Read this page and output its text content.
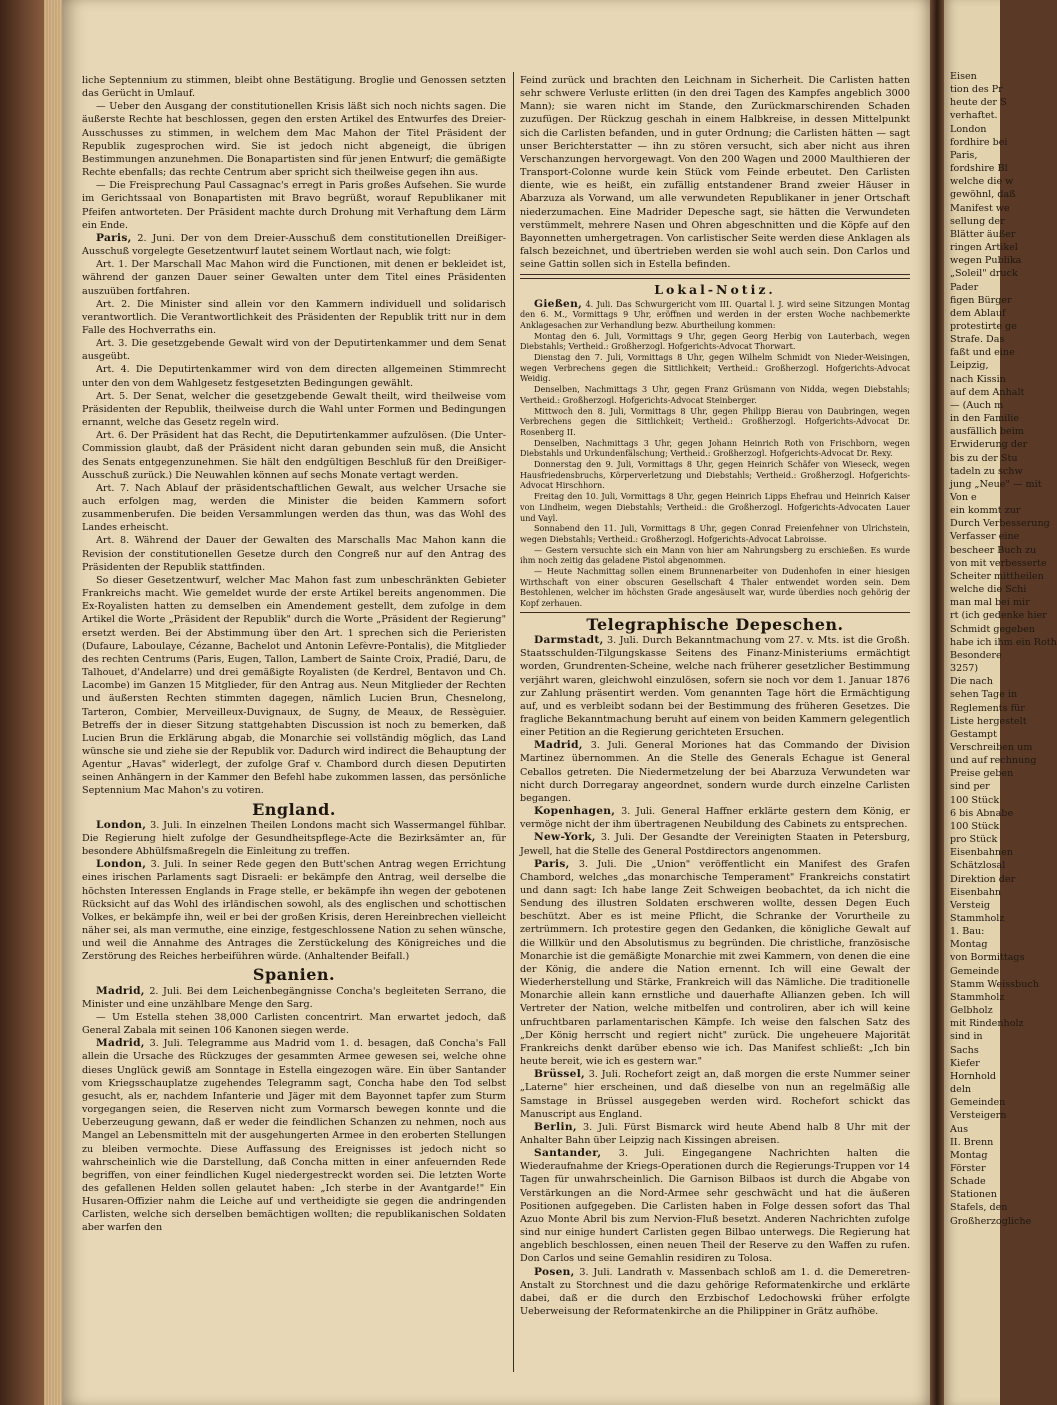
liche Septennium zu stimmen, bleibt ohne Bestätigung. Broglie und Genossen setzten das Gerücht in Umlauf.

— Ueber den Ausgang der constitutionellen Krisis läßt sich noch nichts sagen. Die äußerste Rechte hat beschlossen, gegen den ersten Artikel des Entwurfes des Dreier-Ausschusses zu stimmen, in welchem dem Mac Mahon der Titel Präsident der Republik zugesprochen wird. Sie ist jedoch nicht abgeneigt, die übrigen Bestimmungen anzunehmen. Die Bonapartisten sind für jenen Entwurf; die gemäßigte Rechte ebenfalls; das rechte Centrum aber spricht sich theilweise gegen ihn aus.

— Die Freisprechung Paul Cassagnac's erregt in Paris großes Aufsehen. Sie wurde im Gerichtssaal von Bonapartisten mit Bravo begrüßt, worauf Republikaner mit Pfeifen antworteten. Der Präsident machte durch Drohung mit Verhaftung dem Lärm ein Ende.

Paris, 2. Juni. Der von dem Dreier-Ausschuß dem constitutionellen Dreißiger-Ausschuß vorgelegte Gesetzentwurf lautet seinem Wortlaut nach, wie folgt:

Art. 1. Der Marschall Mac Mahon wird die Functionen, mit denen er bekleidet ist, während der ganzen Dauer seiner Gewalten unter dem Titel eines Präsidenten auszuüben fortfahren.

Art. 2. Die Minister sind allein vor den Kammern individuell und solidarisch verantwortlich. Die Verantwortlichkeit des Präsidenten der Republik tritt nur in dem Falle des Hochverraths ein.

Art. 3. Die gesetzgebende Gewalt wird von der Deputirtenkammer und dem Senat ausgeübt.

Art. 4. Die Deputirtenkammer wird von dem directen allgemeinen Stimmrecht unter den von dem Wahlgesetz festgesetzten Bedingungen gewählt.

Art. 5. Der Senat, welcher die gesetzgebende Gewalt theilt, wird theilweise vom Präsidenten der Republik, theilweise durch die Wahl unter Formen und Bedingungen ernannt, welche das Gesetz regeln wird.

Art. 6. Der Präsident hat das Recht, die Deputirtenkammer aufzulösen. (Die Unter-Commission glaubt, daß der Präsident nicht daran gebunden sein muß, die Ansicht des Senats entgegenzunehmen. Sie hält den endgültigen Beschluß für den Dreißiger-Ausschuß zurück.) Die Neuwahlen können auf sechs Monate vertagt werden.

Art. 7. Nach Ablauf der präsidentschaftlichen Gewalt, aus welcher Ursache sie auch erfolgen mag, werden die Minister die beiden Kammern sofort zusammenberufen. Die beiden Versammlungen werden das thun, was das Wohl des Landes erheischt.

Art. 8. Während der Dauer der Gewalten des Marschalls Mac Mahon kann die Revision der constitutionellen Gesetze durch den Congreß nur auf den Antrag des Präsidenten der Republik stattfinden.

So dieser Gesetzentwurf, welcher Mac Mahon fast zum unbeschränkten Gebieter Frankreichs macht. Wie gemeldet wurde der erste Artikel bereits angenommen. Die Ex-Royalisten hatten zu demselben ein Amendement gestellt, dem zufolge in dem Artikel die Worte „Präsident der Republik" durch die Worte „Präsident der Regierung" ersetzt werden. Bei der Abstimmung über den Art. 1 sprechen sich die Perieristen (Dufaure, Laboulaye, Cézanne, Bachelot und Antonin Lefèvre-Pontalis), die Mitglieder des rechten Centrums (Paris, Eugen, Tallon, Lambert de Sainte Croix, Pradié, Daru, de Talhouet, d'Andelarre) und drei gemäßigte Royalisten (de Kerdrel, Bentavon und Ch. Lacombe) im Ganzen 15 Mitglieder, für den Antrag aus. Neun Mitglieder der Rechten und äußersten Rechten stimmten dagegen, nämlich Lucien Brun, Chesnelong, Tarteron, Combier, Merveilleux-Duvignaux, de Sugny, de Meaux, de Ressèguier. Betreffs der in dieser Sitzung stattgehabten Discussion ist noch zu bemerken, daß Lucien Brun die Erklärung abgab, die Monarchie sei vollständig möglich, das Land wünsche sie und ziehe sie der Republik vor. Dadurch wird indirect die Behauptung der Agentur „Havas" widerlegt, der zufolge Graf v. Chambord durch diesen Deputirten seinen Anhängern in der Kammer den Befehl habe zukommen lassen, das persönliche Septennium Mac Mahon's zu votiren.

England.

London, 3. Juli. In einzelnen Theilen Londons macht sich Wassermangel fühlbar. Die Regierung hielt zufolge der Gesundheitspflege-Acte die Bezirksämter an, für besondere Abhülfsmaßregeln die Einleitung zu treffen.

London, 3. Juli. In seiner Rede gegen den Butt'schen Antrag wegen Errichtung eines irischen Parlaments sagt Disraeli: er bekämpfe den Antrag, weil derselbe die höchsten Interessen Englands in Frage stelle, er bekämpfe ihn wegen der gebotenen Rücksicht auf das Wohl des irländischen sowohl, als des englischen und schottischen Volkes, er bekämpfe ihn, weil er bei der großen Krisis, deren Hereinbrechen vielleicht näher sei, als man vermuthe, eine einzige, festgeschlossene Nation zu sehen wünsche, und weil die Annahme des Antrages die Zerstückelung des Königreiches und die Zerstörung des Reiches herbeiführen würde. (Anhaltender Beifall.)

Spanien.

Madrid, 2. Juli. Bei dem Leichenbegängnisse Concha's begleiteten Serrano, die Minister und eine unzählbare Menge den Sarg.

— Um Estella stehen 38,000 Carlisten concentrirt. Man erwartet jedoch, daß General Zabala mit seinen 106 Kanonen siegen werde.

Madrid, 3. Juli. Telegramme aus Madrid vom 1. d. besagen, daß Concha's Fall allein die Ursache des Rückzuges der gesammten Armee gewesen sei, welche ohne dieses Unglück gewiß am Sonntage in Estella eingezogen wäre. Ein über Santander vom Kriegsschauplatze zugehendes Telegramm sagt, Concha habe den Tod selbst gesucht, als er, nachdem Infanterie und Jäger mit dem Bayonnet tapfer zum Sturm vorgegangen seien, die Reserven nicht zum Vormarsch bewegen konnte und die Ueberzeugung gewann, daß er weder die feindlichen Schanzen zu nehmen, noch aus Mangel an Lebensmitteln mit der ausgehungerten Armee in den eroberten Stellungen zu bleiben vermochte. Diese Auffassung des Ereignisses ist jedoch nicht so wahrscheinlich wie die Darstellung, daß Concha mitten in einer anfeuernden Rede begriffen, von einer feindlichen Kugel niedergestreckt worden sei. Die letzten Worte des gefallenen Helden sollen gelautet haben: „Ich sterbe in der Avantgarde!" Ein Husaren-Offizier nahm die Leiche auf und vertheidigte sie gegen die andringenden Carlisten, welche sich derselben bemächtigen wollten; die republikanischen Soldaten aber warfen den

Feind zurück und brachten den Leichnam in Sicherheit. Die Carlisten hatten sehr schwere Verluste erlitten (in den drei Tagen des Kampfes angeblich 3000 Mann); sie waren nicht im Stande, den Zurückmarschirenden Schaden zuzufügen. Der Rückzug geschah in einem Halbkreise, in dessen Mittelpunkt sich die Carlisten befanden, und in guter Ordnung; die Carlisten hätten — sagt unser Berichterstatter — ihn zu stören versucht, sich aber nicht aus ihren Verschanzungen hervorgewagt. Von den 200 Wagen und 2000 Maulthieren der Transport-Colonne wurde kein Stück vom Feinde erbeutet. Den Carlisten diente, wie es heißt, ein zufällig entstandener Brand zweier Häuser in Abarzuza als Vorwand, um alle verwundeten Republikaner in jener Ortschaft niederzumachen. Eine Madrider Depesche sagt, sie hätten die Verwundeten verstümmelt, mehrere Nasen und Ohren abgeschnitten und die Köpfe auf den Bayonnetten umhergetragen. Von carlistischer Seite werden diese Anklagen als falsch bezeichnet, und übertrieben werden sie wohl auch sein. Don Carlos und seine Gattin sollen sich in Estella befinden.

Lokal-Notiz.

Gießen, 4. Juli. Das Schwurgericht vom III. Quartal l. J. wird seine Sitzungen Montag den 6. M., Vormittags 9 Uhr, eröffnen und werden in der ersten Woche nachbemerkte Anklagesachen zur Verhandlung bezw. Aburtheilung kommen:

Montag den 6. Juli, Vormittags 9 Uhr, gegen Georg Herbig von Lauterbach, wegen Diebstahls; Vertheid.: Großherzogl. Hofgerichts-Advocat Thorwart.

Dienstag den 7. Juli, Vormittags 8 Uhr, gegen Wilhelm Schmidt von Nieder-Weisingen, wegen Verbrechens gegen die Sittlichkeit; Vertheid.: Großherzogl. Hofgerichts-Advocat Weidig.

Denselben, Nachmittags 3 Uhr, gegen Franz Grüsmann von Nidda, wegen Diebstahls; Vertheid.: Großherzogl. Hofgerichts-Advocat Steinberger.

Mittwoch den 8. Juli, Vormittags 8 Uhr, gegen Philipp Bierau von Daubringen, wegen Verbrechens gegen die Sittlichkeit; Vertheid.: Großherzogl. Hofgerichts-Advocat Dr. Rosenberg II.

Denselben, Nachmittags 3 Uhr, gegen Johann Heinrich Roth von Frischborn, wegen Diebstahls und Urkundenfälschung; Vertheid.: Großherzogl. Hofgerichts-Advocat Dr. Rexy.

Donnerstag den 9. Juli, Vormittags 8 Uhr, gegen Heinrich Schäfer von Wieseck, wegen Hausfriedensbruchs, Körperverletzung und Diebstahls; Vertheid.: Großherzogl. Hofgerichts-Advocat Hirschhorn.

Freitag den 10. Juli, Vormittags 8 Uhr, gegen Heinrich Lipps Ehefrau und Heinrich Kaiser von Lindheim, wegen Diebstahls; Vertheid.: die Großherzogl. Hofgerichts-Advocaten Lauer und Vayl.

Sonnabend den 11. Juli, Vormittags 8 Uhr, gegen Conrad Freienfehner von Ulrichstein, wegen Diebstahls; Vertheid.: Großherzogl. Hofgerichts-Advocat Labroisse.

— Gestern versuchte sich ein Mann von hier am Nahrungsberg zu erschießen. Es wurde ihm noch zeitig das geladene Pistol abgenommen.

— Heute Nachmittag sollen einem Brunnenarbeiter von Dudenhofen in einer hiesigen Wirthschaft von einer obscuren Gesellschaft 4 Thaler entwendet worden sein. Dem Bestohlenen, welcher im höchsten Grade angesäuselt war, wurde überdies noch gehörig der Kopf zerhauen.

Telegraphische Depeschen.

Darmstadt, 3. Juli. Durch Bekanntmachung vom 27. v. Mts. ist die Großh. Staatsschulden-Tilgungskasse Seitens des Finanz-Ministeriums ermächtigt worden, Grundrenten-Scheine, welche nach früherer gesetzlicher Bestimmung verjährt waren, gleichwohl einzulösen, sofern sie noch vor dem 1. Januar 1876 zur Zahlung präsentirt werden. Vom genannten Tage hört die Ermächtigung auf, und es verbleibt sodann bei der Bestimmung des früheren Gesetzes. Die fragliche Bekanntmachung beruht auf einem von beiden Kammern gelegentlich einer Petition an die Regierung gerichteten Ersuchen.

Madrid, 3. Juli. General Moriones hat das Commando der Division Martinez übernommen. An die Stelle des Generals Echague ist General Ceballos getreten. Die Niedermetzelung der bei Abarzuza Verwundeten war nicht durch Dorregaray angeordnet, sondern wurde durch einzelne Carlisten begangen.

Kopenhagen, 3. Juli. General Haffner erklärte gestern dem König, er vermöge nicht der ihm übertragenen Neubildung des Cabinets zu entsprechen.

New-York, 3. Juli. Der Gesandte der Vereinigten Staaten in Petersburg, Jewell, hat die Stelle des General Postdirectors angenommen.

Paris, 3. Juli. Die „Union" veröffentlicht ein Manifest des Grafen Chambord, welches „das monarchische Temperament" Frankreichs constatirt und dann sagt: Ich habe lange Zeit Schweigen beobachtet, da ich nicht die Sendung des illustren Soldaten erschweren wollte, dessen Degen Euch beschützt. Aber es ist meine Pflicht, die Schranke der Vorurtheile zu zertrümmern. Ich protestire gegen den Gedanken, die königliche Gewalt auf die Willkür und den Absolutismus zu begründen. Die christliche, französische Monarchie ist die gemäßigte Monarchie mit zwei Kammern, von denen die eine der König, die andere die Nation ernennt. Ich will eine Gewalt der Wiederherstellung und Stärke, Frankreich will das Nämliche. Die traditionelle Monarchie allein kann ernstliche und dauerhafte Allianzen geben. Ich will Vertreter der Nation, welche mitbelfen und controliren, aber ich will keine unfruchtbaren parlamentarischen Kämpfe. Ich weise den falschen Satz des „Der König herrscht und regiert nicht" zurück. Die ungeheuere Majorität Frankreichs denkt darüber ebenso wie ich. Das Manifest schließt: „Ich bin heute bereit, wie ich es gestern war."

Brüssel, 3. Juli. Rochefort zeigt an, daß morgen die erste Nummer seiner „Laterne" hier erscheinen, und daß dieselbe von nun an regelmäßig alle Samstage in Brüssel ausgegeben werden wird. Rochefort schickt das Manuscript aus England.

Berlin, 3. Juli. Fürst Bismarck wird heute Abend halb 8 Uhr mit der Anhalter Bahn über Leipzig nach Kissingen abreisen.

Santander, 3. Juli. Eingegangene Nachrichten halten die Wiederaufnahme der Kriegs-Operationen durch die Regierungs-Truppen vor 14 Tagen für unwahrscheinlich. Die Garnison Bilbaos ist durch die Abgabe von Verstärkungen an die Nord-Armee sehr geschwächt und hat die äußeren Positionen aufgegeben. Die Carlisten haben in Folge dessen sofort das Thal Azuo Monte Abril bis zum Nervion-Fluß besetzt. Anderen Nachrichten zufolge sind nur einige hundert Carlisten gegen Bilbao unterwegs. Die Regierung hat angeblich beschlossen, einen neuen Theil der Reserve zu den Waffen zu rufen. Don Carlos und seine Gemahlin residiren zu Tolosa.

Posen, 3. Juli. Landrath v. Massenbach schloß am 1. d. die Demeretren-Anstalt zu Storchnest und die dazu gehörige Reformatenkirche und erklärte dabei, daß er die durch den Erzbischof Ledochowski früher erfolgte Ueberweisung der Reformatenkirche an die Philippiner in Grätz aufhöbe.

Eisen
tion des Pr
heute der S
verhaftet.
London
fordhire bei
Paris,
fordshire Bl
welche die w
gewöhnl, daß
Manifest we
sellung der
Blätter äußer
ringen Artikel
wegen Publika
„Soleil" druck
Pader
figen Bürger
dem Ablauf
protestirte ge
Strafe. Das
faßt und eine
Leipzig,
nach Kissin
auf dem Anhalt
— (Auch m
in den Familie
ausfällich beim
Erwiderung der
bis zu der Stu
tadeln zu schw
jung „Neue" — mit
Von e
ein kommt zur
Durch Verbesserung
Verfasser eine
bescheer Buch zu
von mit verbesserte
Scheiter mittheilen
welche die Schi
man mal bei mir
rt (ich gedenke hier
Schmidt gegeben
habe ich ihm ein Roth
Besondere
3257)
Die nach
sehen Tage in
Reglements für
Liste hergestelt
Gestampt
Verschreiben um
und auf rechnung
Preise geben
sind per
100 Stück
6 bis Abnabe
100 Stück
pro Stück
Eisenbahnen
Schätzlosal
Direktion der
Eisenbahn
Versteig
Stammholz
1. Bau:
Montag
von Bormittags
Gemeinde
Stamm Weissbuch
Stammholz
Gelbholz
mit Rindenholz
sind in
Sachs
Kiefer
Hornhold
deln
Gemeinden
Versteigern
Aus
II. Brenn
Montag
Förster
Schade
Stationen
Stafels, den
Großherzogliche
